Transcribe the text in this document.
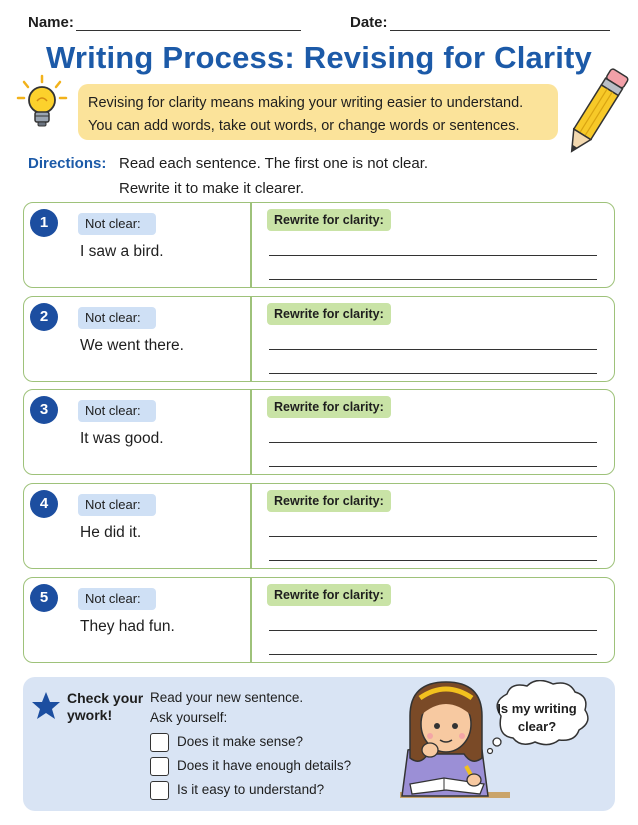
Name:	Date:
Writing Process: Revising for Clarity
Revising for clarity means making your writing easier to understand.
You can add words, take out words, or change words or sentences.
Directions: Read each sentence. The first one is not clear.
Rewrite it to make it clearer.
1	Not clear:
I saw a bird.
Rewrite for clarity:
2	Not clear:
We went there.
Rewrite for clarity:
3	Not clear:
It was good.
Rewrite for clarity:
4	Not clear:
He did it.
Rewrite for clarity:
5	Not clear:
They had fun.
Rewrite for clarity:
Check your
ywork!
Read your new sentence.
Ask yourself:
Does it make sense?
Does it have enough details?
Is it easy to understand?
Is my writing
clear?
